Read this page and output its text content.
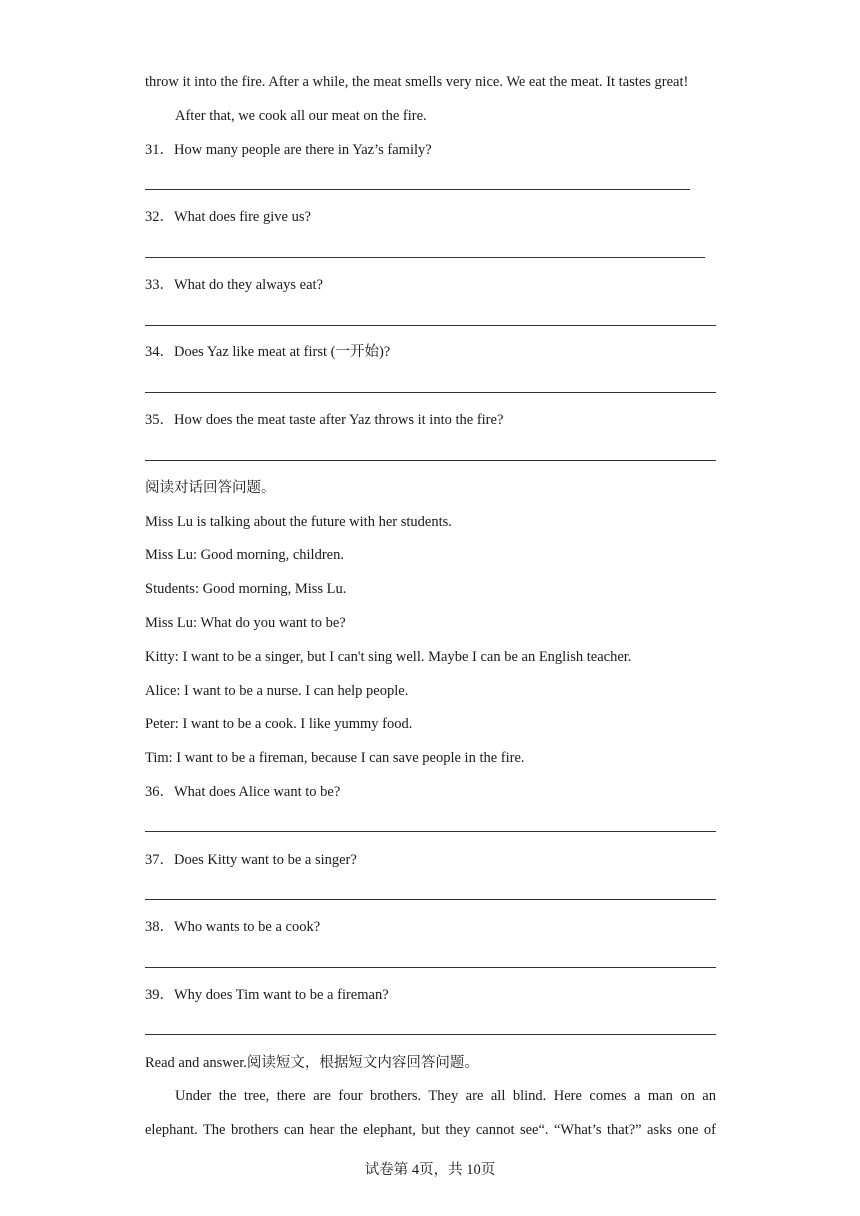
throw it into the fire. After a while, the meat smells very nice. We eat the meat. It tastes great!
After that, we cook all our meat on the fire.
31．How many people are there in Yaz’s family?
32．What does fire give us?
33．What do they always eat?
34．Does Yaz like meat at first (一开始)?
35．How does the meat taste after Yaz throws it into the fire?
阅读对话回答问题。
Miss Lu is talking about the future with her students.
Miss Lu: Good morning, children.
Students: Good morning, Miss Lu.
Miss Lu: What do you want to be?
Kitty: I want to be a singer, but I can't sing well. Maybe I can be an English teacher.
Alice: I want to be a nurse. I can help people.
Peter: I want to be a cook. I like yummy food.
Tim: I want to be a fireman, because I can save people in the fire.
36．What does Alice want to be?
37．Does Kitty want to be a singer?
38．Who wants to be a cook?
39．Why does Tim want to be a fireman?
Read and answer.阅读短文，根据短文内容回答问题。
Under the tree, there are four brothers. They are all blind. Here comes a man on an
elephant. The brothers can hear the elephant, but they cannot see“. “What’s that?” asks one of
试卷第 4页，共 10页
